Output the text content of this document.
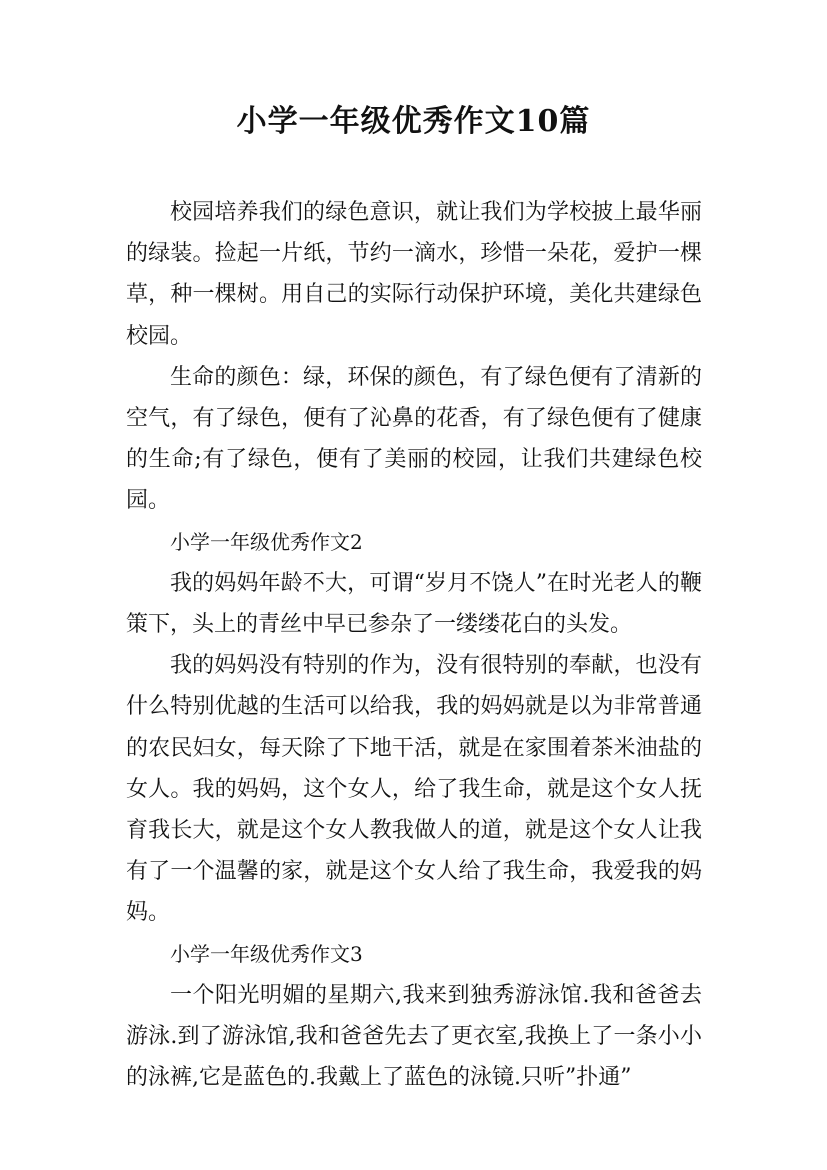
小学一年级优秀作文10篇

校园培养我们的绿色意识，就让我们为学校披上最华丽的绿装。捡起一片纸，节约一滴水，珍惜一朵花，爱护一棵草，种一棵树。用自己的实际行动保护环境，美化共建绿色校园。

生命的颜色：绿，环保的颜色，有了绿色便有了清新的空气，有了绿色，便有了沁鼻的花香，有了绿色便有了健康的生命;有了绿色，便有了美丽的校园，让我们共建绿色校园。

小学一年级优秀作文2

我的妈妈年龄不大，可谓“岁月不饶人”在时光老人的鞭策下，头上的青丝中早已参杂了一缕缕花白的头发。

我的妈妈没有特别的作为，没有很特别的奉献，也没有什么特别优越的生活可以给我，我的妈妈就是以为非常普通的农民妇女，每天除了下地干活，就是在家围着茶米油盐的女人。我的妈妈，这个女人，给了我生命，就是这个女人抚育我长大，就是这个女人教我做人的道，就是这个女人让我有了一个温馨的家，就是这个女人给了我生命，我爱我的妈妈。

小学一年级优秀作文3

一个阳光明媚的星期六,我来到独秀游泳馆.我和爸爸去游泳.到了游泳馆,我和爸爸先去了更衣室,我换上了一条小小的泳裤,它是蓝色的.我戴上了蓝色的泳镜.只听”扑通”
